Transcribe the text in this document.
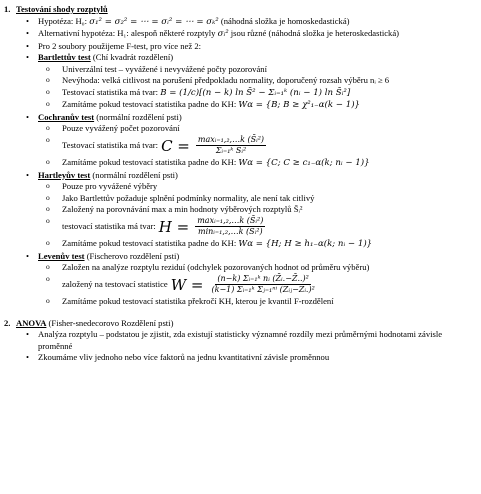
1. Testování shody rozptylů
• Hypotéza: H₀: σ₁² = σ₂² = ⋯ = σᵢ² = ⋯ = σₖ² (náhodná složka je homoskedastická)
• Alternativní hypotéza: H₁: alespoň některé rozptyly σᵢ² jsou různé (náhodná složka je heteroskedastická)
• Pro 2 soubory použijeme F-test, pro více než 2:
• Bartlettův test (Chí kvadrát rozdělení)
o Univerzální test – vyvážené i nevyvážené počty pozorování
o Nevýhoda: velká citlivost na porušení předpokladu normality, doporučený rozsah výběru nᵢ ≥ 6
o Testovací statistika má tvar: B = (1/c)[(n − k) ln S̄² − Σᵢ₌₁ᵏ (nᵢ − 1) ln S̄ᵢ²]
o Zamítáme pokud testovací statistika padne do KH: Wα = {B; B ≥ χ²₁₋α(k − 1)}
• Cochranův test (normální rozdělení psti)
o Pouze vyvážený počet pozorování
o Testovací statistika má tvar: $C = \frac{\text{maxᵢ₌₁,₂,…k (S̄ᵢ²)}}{\text{Σᵢ₌₁ᵏ S̄ᵢ²}}$
o Zamítáme pokud testovací statistika padne do KH: Wα = {C; C ≥ c₁₋α(k; nᵢ − 1)}
• Hartleyův test (normální rozdělení psti)
o Pouze pro vyvážené výběry
o Jako Bartlettův požaduje splnění podmínky normality, ale není tak citlivý
o Založený na porovnávání max a min hodnoty výběrových rozptylů S̄ᵢ²
o testovací statistika má tvar: $H = \frac{\text{maxᵢ₌₁,₂,…k (S̄ᵢ²)}}{\text{minᵢ₌₁,₂,…k (S̄ᵢ²)}}$
o Zamítáme pokud testovací statistika padne do KH: Wα = {H; H ≥ h₁₋α(k; nᵢ − 1)}
• Levenův test (Fischerovo rozdělení psti)
o Založen na analýze rozptylu reziduí (odchylek pozorovaných hodnot od průměru výběru)
o založený na testovací statistice $W = \frac{\text{(n−k) Σᵢ₌₁ᵏ nᵢ (Z̄ᵢ.−Z̄..)²}}{\text{(k−1) Σᵢ₌₁ᵏ Σⱼ₌₁ⁿⁱ (Zᵢⱼ−Z̄ᵢ.)²}}$
o Zamítáme pokud testovací statistika překročí KH, kterou je kvantil F-rozdělení
2. ANOVA (Fisher-snedecorovo Rozdělení psti)
• Analýza rozptylu – podstatou je zjistit, zda existují statisticky významné rozdíly mezi průměrnými hodnotami závisle proměnné
• Zkoumáme vliv jednoho nebo více faktorů na jednu kvantitativní závisle proměnnou
